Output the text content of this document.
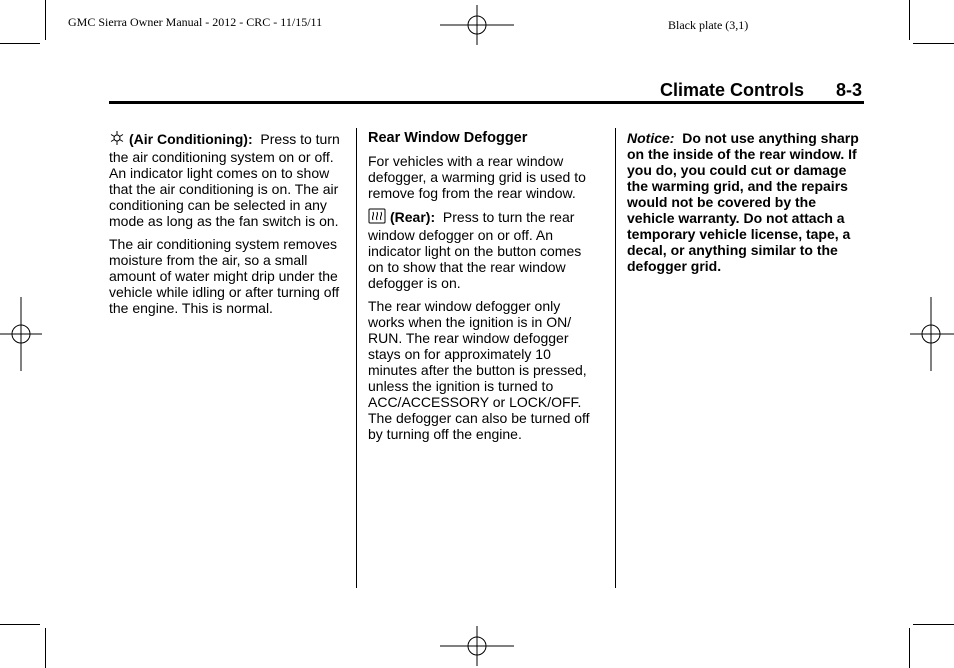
GMC Sierra Owner Manual - 2012 - CRC - 11/15/11	Black plate (3,1)
Climate Controls 8-3

(Air Conditioning): Press to turn the air conditioning system on or off. An indicator light comes on to show that the air conditioning is on. The air conditioning can be selected in any mode as long as the fan switch is on.

The air conditioning system removes moisture from the air, so a small amount of water might drip under the vehicle while idling or after turning off the engine. This is normal.

Rear Window Defogger

For vehicles with a rear window defogger, a warming grid is used to remove fog from the rear window.

(Rear): Press to turn the rear window defogger on or off. An indicator light on the button comes on to show that the rear window defogger is on.

The rear window defogger only works when the ignition is in ON/ RUN. The rear window defogger stays on for approximately 10 minutes after the button is pressed, unless the ignition is turned to ACC/ACCESSORY or LOCK/OFF. The defogger can also be turned off by turning off the engine.

Notice: Do not use anything sharp on the inside of the rear window. If you do, you could cut or damage the warming grid, and the repairs would not be covered by the vehicle warranty. Do not attach a temporary vehicle license, tape, a decal, or anything similar to the defogger grid.
